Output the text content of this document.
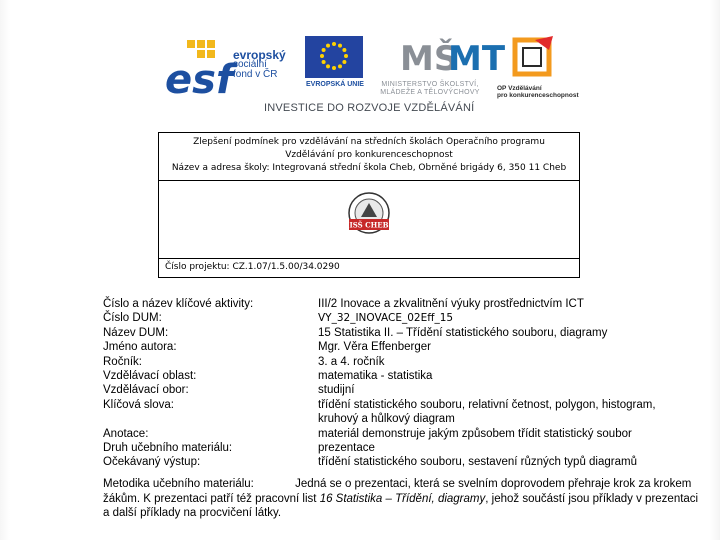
esf
evropský
sociální
fond v ČR
EVROPSKÁ UNIE
MŠ
MT
MINISTERSTVO ŠKOLSTVÍ,
MLÁDEŽE A TĚLOVÝCHOVY
OP Vzdělávání
pro konkurenceschopnost
INVESTICE DO ROZVOJE VZDĚLÁVÁNÍ
Zlepšení podmínek pro vzdělávání na středních školách Operačního programu
Vzdělávání pro konkurenceschopnost
Název a adresa školy: Integrovaná střední škola Cheb, Obrněné brigády 6, 350 11 Cheb
ISŠ CHEB
Číslo projektu: CZ.1.07/1.5.00/34.0290
Číslo a název klíčové aktivity:	III/2 Inovace a zkvalitnění výuky prostřednictvím ICT
Číslo DUM:	VY_32_INOVACE_02Eff_15
Název DUM:	15 Statistika II. – Třídění statistického souboru, diagramy
Jméno autora:	Mgr. Věra Effenberger
Ročník:	3. a 4. ročník
Vzdělávací oblast:	matematika - statistika
Vzdělávací obor:	studijní
Klíčová slova:	třídění statistického souboru, relativní četnost, polygon, histogram, kruhový a hůlkový diagram
Anotace:	materiál demonstruje jakým způsobem třídit statistický soubor
Druh učebního materiálu:	prezentace
Očekávaný výstup:	třídění statistického souboru, sestavení různých typů diagramů
Metodika učebního materiálu:	Jedná se o prezentaci, která se svelním doprovodem přehraje krok za krokem žákům. K prezentaci patří též pracovní list 16 Statistika – Třídění, diagramy, jehož součástí jsou příklady v prezentaci a další příklady na procvičení látky.
